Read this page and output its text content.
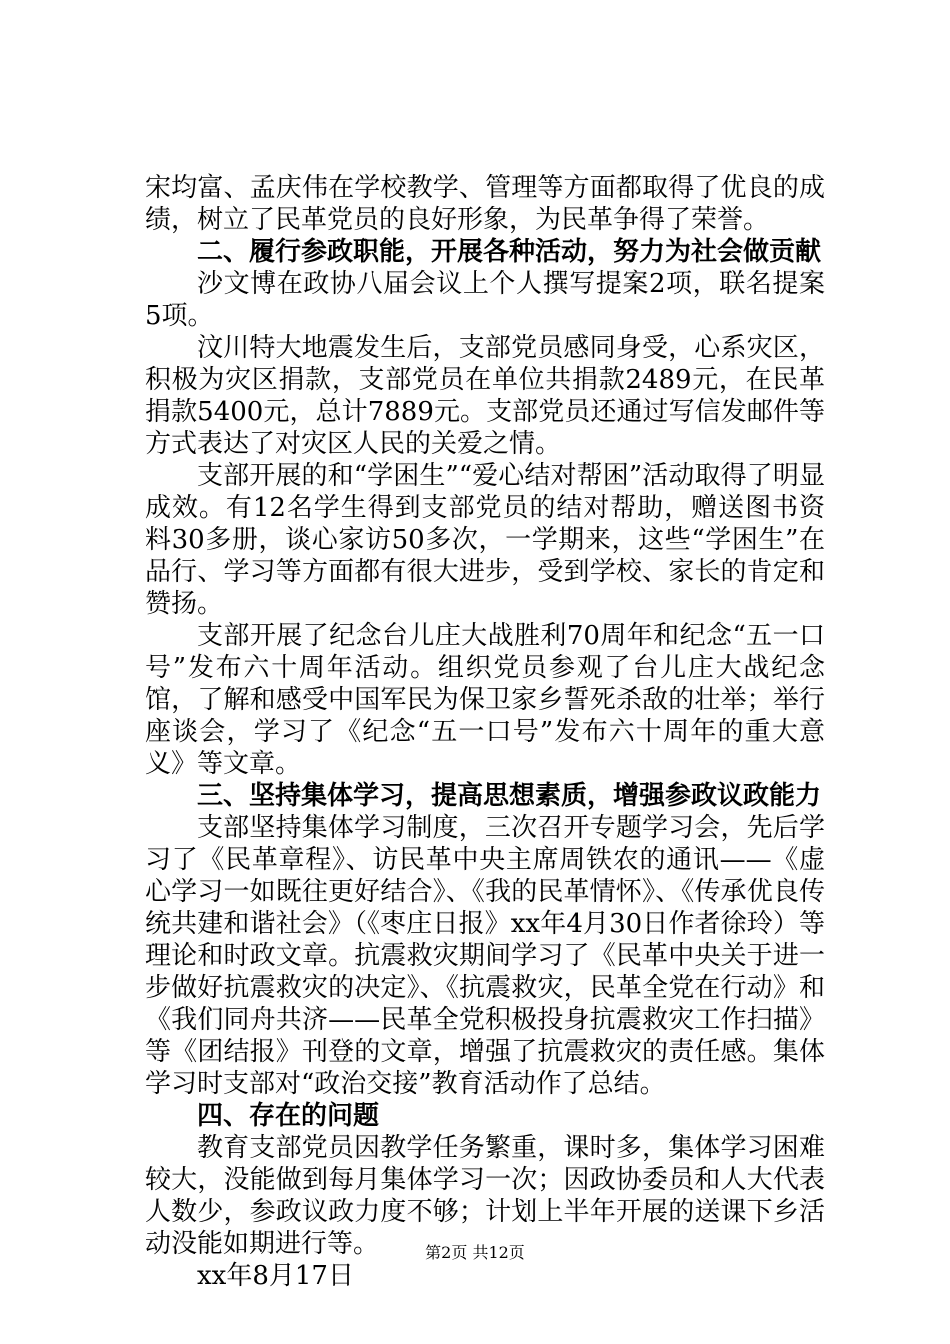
宋均富、孟庆伟在学校教学、管理等方面都取得了优良的成绩，树立了民革党员的良好形象，为民革争得了荣誉。

二、履行参政职能，开展各种活动，努力为社会做贡献

沙文博在政协八届会议上个人撰写提案2项，联名提案5项。

汶川特大地震发生后，支部党员感同身受，心系灾区，积极为灾区捐款，支部党员在单位共捐款2489元，在民革捐款5400元，总计7889元。支部党员还通过写信发邮件等方式表达了对灾区人民的关爱之情。

支部开展的和“学困生”“爱心结对帮困”活动取得了明显成效。有12名学生得到支部党员的结对帮助，赠送图书资料30多册，谈心家访50多次，一学期来，这些“学困生”在品行、学习等方面都有很大进步，受到学校、家长的肯定和赞扬。

支部开展了纪念台儿庄大战胜利70周年和纪念“五一口号”发布六十周年活动。组织党员参观了台儿庄大战纪念馆，了解和感受中国军民为保卫家乡誓死杀敌的壮举；举行座谈会，学习了《纪念“五一口号”发布六十周年的重大意义》等文章。

三、坚持集体学习，提高思想素质，增强参政议政能力

支部坚持集体学习制度，三次召开专题学习会，先后学习了《民革章程》、访民革中央主席周铁农的通讯——《虚心学习一如既往更好结合》、《我的民革情怀》、《传承优良传统共建和谐社会》（《枣庄日报》xx年4月30日作者徐玲）等理论和时政文章。抗震救灾期间学习了《民革中央关于进一步做好抗震救灾的决定》、《抗震救灾，民革全党在行动》和《我们同舟共济——民革全党积极投身抗震救灾工作扫描》等《团结报》刊登的文章，增强了抗震救灾的责任感。集体学习时支部对“政治交接”教育活动作了总结。

四、存在的问题

教育支部党员因教学任务繁重，课时多，集体学习困难较大，没能做到每月集体学习一次；因政协委员和人大代表人数少，参政议政力度不够；计划上半年开展的送课下乡活动没能如期进行等。

xx年8月17日

第2页 共12页
